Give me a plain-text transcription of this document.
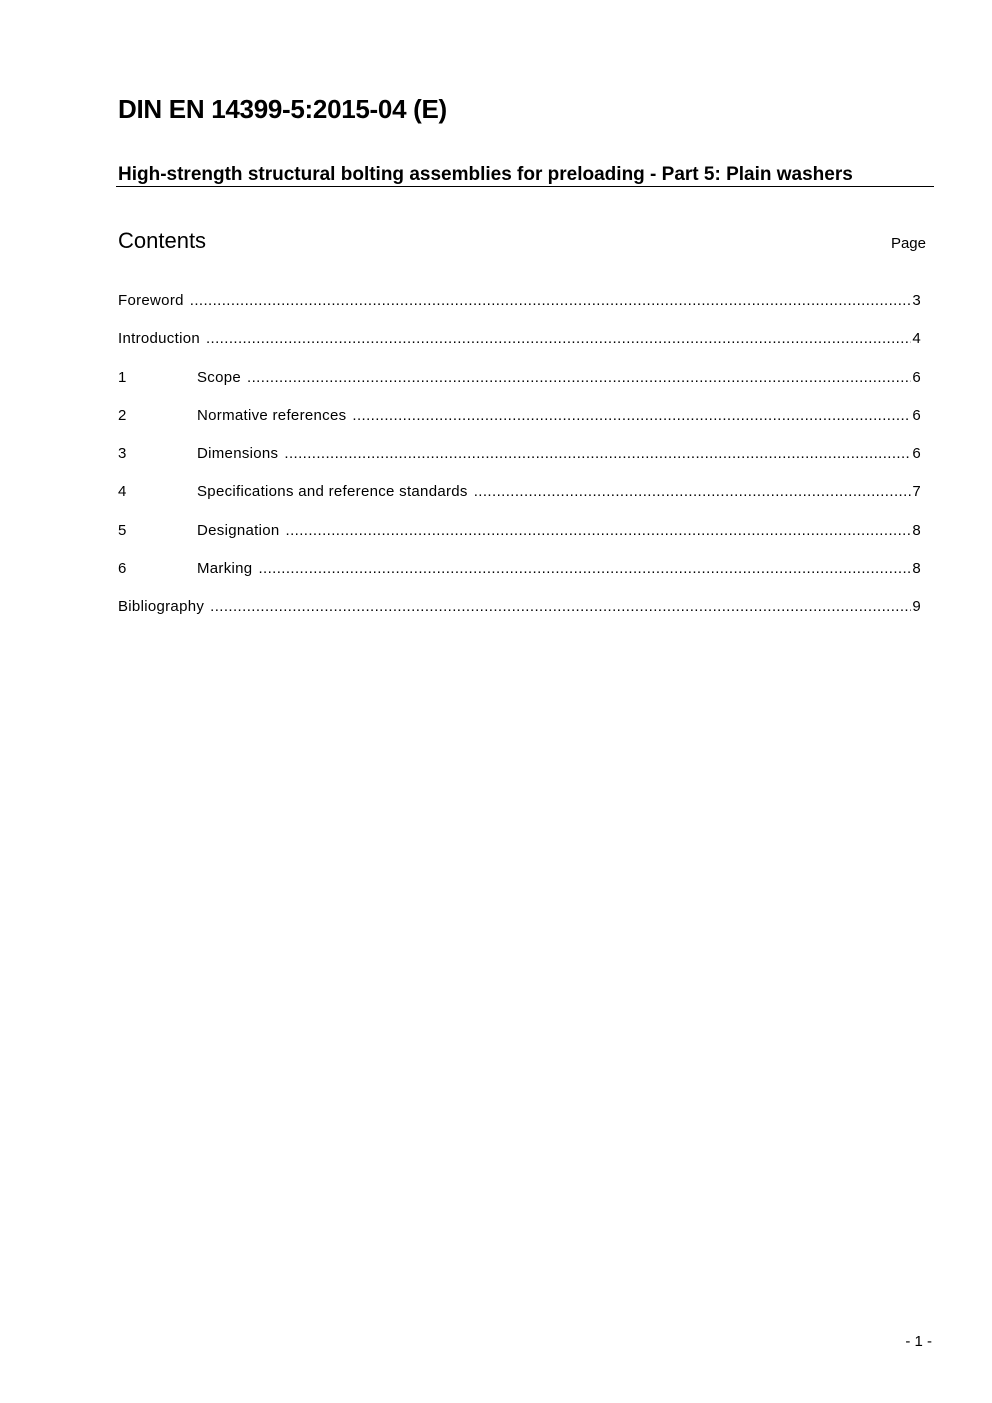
DIN EN 14399-5:2015-04 (E)
High-strength structural bolting assemblies for preloading - Part 5: Plain washers
Contents	Page
Foreword .....	3
Introduction .....	4
1	Scope .....	6
2	Normative references .....	6
3	Dimensions .....	6
4	Specifications and reference standards .....	7
5	Designation .....	8
6	Marking .....	8
Bibliography .....	9
- 1 -
